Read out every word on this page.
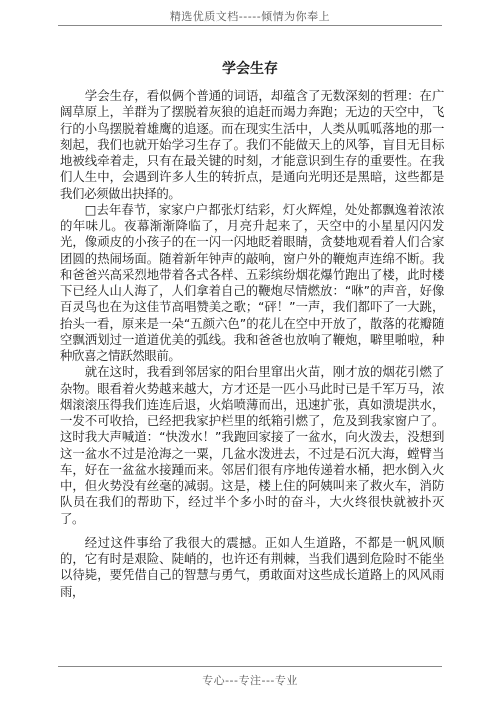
精选优质文档-----倾情为你奉上
学会生存

学会生存，看似俩个普通的词语，却蕴含了无数深刻的哲理：在广阔草原上，羊群为了摆脱着灰狼的追赶而竭力奔跑；无边的天空中，飞行的小鸟摆脱着雄鹰的追逐。而在现实生活中，人类从呱呱落地的那一刻起，我们也就开始学习生存了。我们不能做天上的风筝，盲目无目标地被线牵着走，只有在最关键的时刻，才能意识到生存的重要性。在我们人生中，会遇到许多人生的转折点，是通向光明还是黑暗，这些都是我们必须做出抉择的。

□去年春节，家家户户都张灯结彩，灯火辉煌，处处都飘逸着浓浓的年味儿。夜幕渐渐降临了，月亮升起来了，天空中的小星星闪闪发光，像顽皮的小孩子的在一闪一闪地眨着眼睛，贪婪地观看着人们合家团圆的热闹场面。随着新年钟声的敲响，窗户外的鞭炮声连绵不断。我和爸爸兴高采烈地带着各式各样、五彩缤纷烟花爆竹跑出了楼，此时楼下已经人山人海了，人们拿着自己的鞭炮尽情燃放：“咻”的声音，好像百灵鸟也在为这佳节高唱赞美之歌；“砰！”一声，我们都吓了一大跳，抬头一看，原来是一朵“五颜六色”的花儿在空中开放了，散落的花瓣随空飘洒划过一道道优美的弧线。我和爸爸也放响了鞭炮，噼里啪啦，种种欣喜之情跃然眼前。

就在这时，我看到邻居家的阳台里窜出火苗，刚才放的烟花引燃了杂物。眼看着火势越来越大，方才还是一匹小马此时已是千军万马，浓烟滚滚压得我们连连后退，火焰喷薄而出，迅速扩张，真如溃堤洪水，一发不可收拾，已经把我家护栏里的纸箱引燃了，危及到我家窗户了。这时我大声喊道：“快泼水！”我跑回家接了一盆水，向火泼去，没想到这一盆水不过是沧海之一粟，几盆水泼进去，不过是石沉大海，螳臂当车，好在一盆盆水接踵而来。邻居们很有序地传递着水桶，把水倒入火中，但火势没有丝毫的减弱。这是，楼上住的阿姨叫来了救火车，消防队员在我们的帮助下，经过半个多小时的奋斗，大火终很快就被扑灭了。

经过这件事给了我很大的震撼。正如人生道路，不都是一帆风顺的，它有时是艰险、陡峭的，也许还有荆棘，当我们遇到危险时不能坐以待毙，要凭借自己的智慧与勇气，勇敢面对这些成长道路上的风风雨雨，

专心---专注---专业
